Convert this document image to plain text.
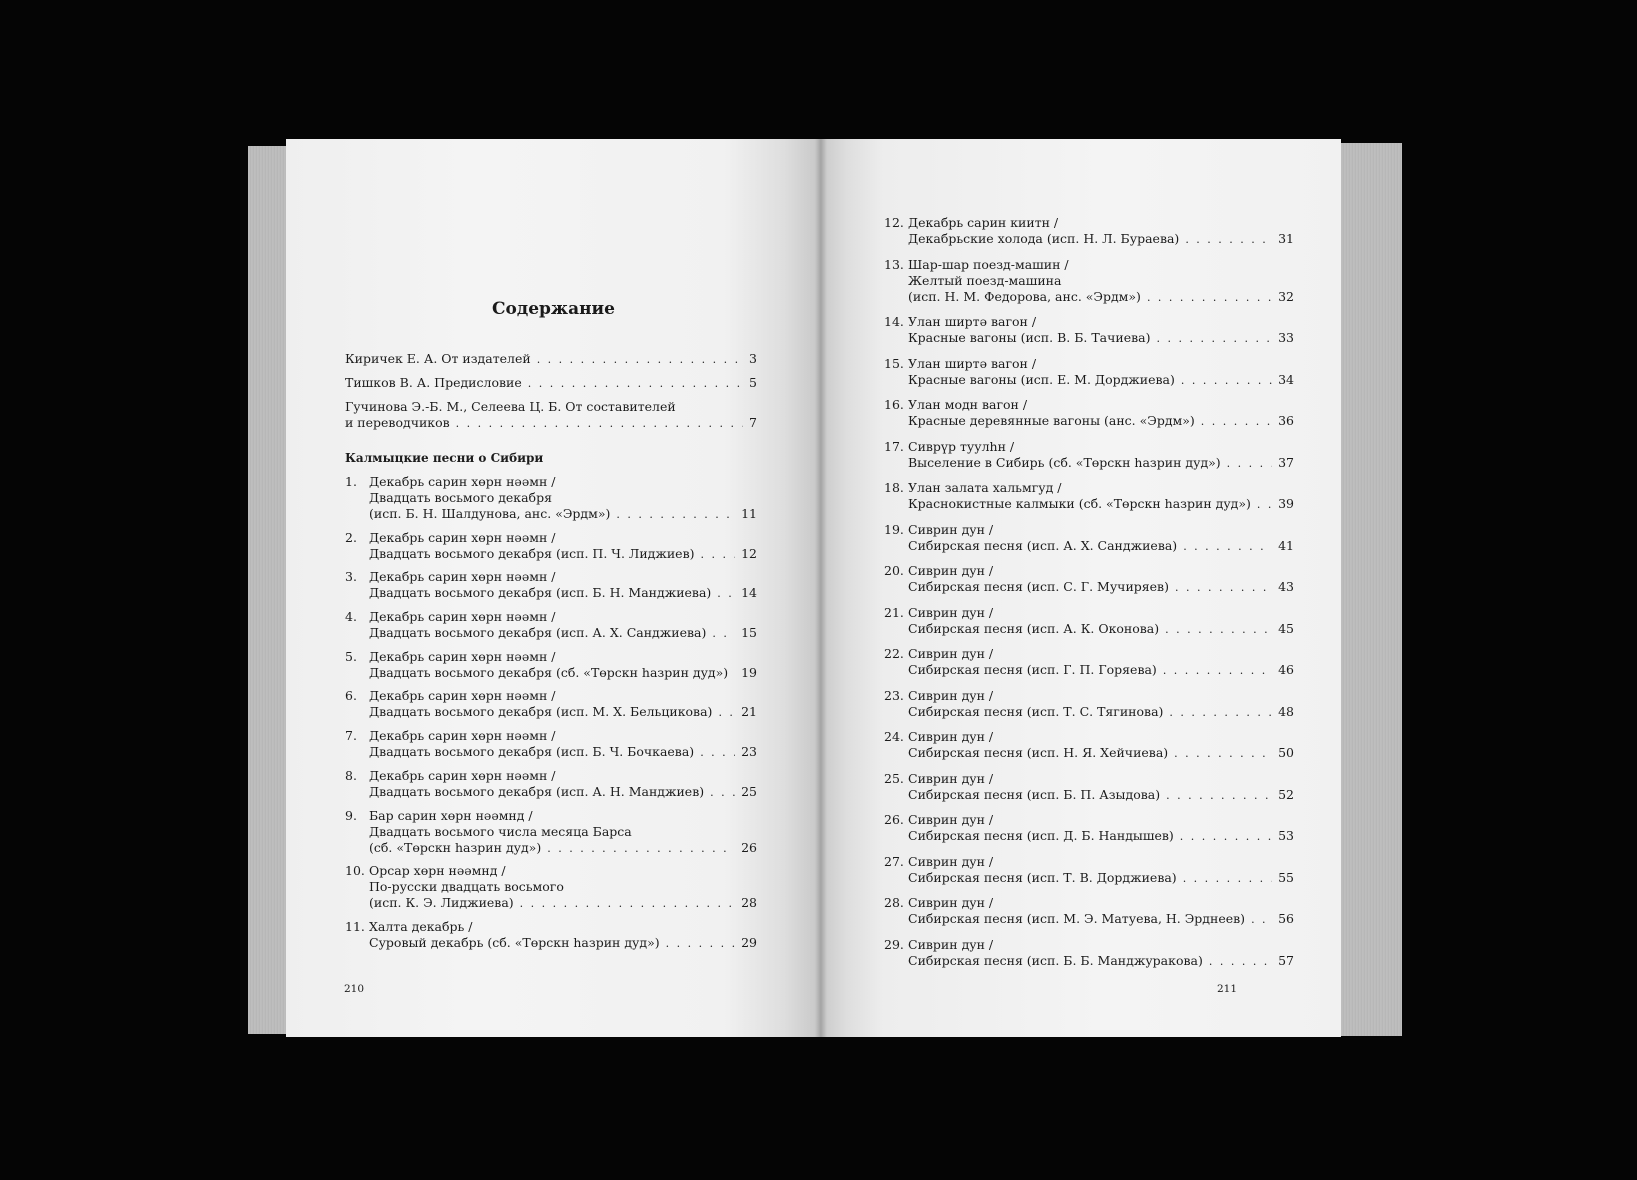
Содержание
Киричек Е. А. От издателей . . .	3
Тишков В. А. Предисловие . . .	5
Гучинова Э.-Б. М., Селеева Ц. Б. От составителей
и переводчиков . . .	7
Калмыцкие песни о Сибири
1. Декабрь сарин хөрн нәәмн /
Двадцать восьмого декабря
(исп. Б. Н. Шалдунова, анс. «Эрдм») . . .	11
2. Декабрь сарин хөрн нәәмн /
Двадцать восьмого декабря (исп. П. Ч. Лиджиев) . . .	12
3. Декабрь сарин хөрн нәәмн /
Двадцать восьмого декабря (исп. Б. Н. Манджиева) . . . 14
4. Декабрь сарин хөрн нәәмн /
Двадцать восьмого декабря (исп. А. Х. Санджиева) . . .	15
5. Декабрь сарин хөрн нәәмн /
Двадцать восьмого декабря (сб. «Төрскн һазрин дуд») . . . 19
6. Декабрь сарин хөрн нәәмн /
Двадцать восьмого декабря (исп. М. Х. Бельцикова) . . . 21
7. Декабрь сарин хөрн нәәмн /
Двадцать восьмого декабря (исп. Б. Ч. Бочкаева) . . .	23
8. Декабрь сарин хөрн нәәмн /
Двадцать восьмого декабря (исп. А. Н. Манджиев) . . .	25
9. Бар сарин хөрн нәәмнд /
Двадцать восьмого числа месяца Барса
(сб. «Төрскн һазрин дуд») . . .	26
10. Орсар хөрн нәәмнд /
По-русски двадцать восьмого
(исп. К. Э. Лиджиева) . . .	28
11. Халта декабрь /
Суровый декабрь (сб. «Төрскн һазрин дуд») . . .	29
210
12. Декабрь сарин киитн /
Декабрьские холода (исп. Н. Л. Бураева) . . .	31
13. Шар-шар поезд-машин /
Желтый поезд-машина
(исп. Н. М. Федорова, анс. «Эрдм») . . .	32
14. Улан ширтә вагон /
Красные вагоны (исп. В. Б. Тачиева) . . .	33
15. Улан ширтә вагон /
Красные вагоны (исп. Е. М. Дорджиева) . . .	34
16. Улан модн вагон /
Красные деревянные вагоны (анс. «Эрдм») . . .	36
17. Сиврүр туулһн /
Выселение в Сибирь (сб. «Төрскн һазрин дуд») . . .	37
18. Улан залата хальмгуд /
Краснокистные калмыки (сб. «Төрскн һазрин дуд») . . . 39
19. Сиврин дун /
Сибирская песня (исп. А. Х. Санджиева) . . .	41
20. Сиврин дун /
Сибирская песня (исп. С. Г. Мучиряев) . . .	43
21. Сиврин дун /
Сибирская песня (исп. А. К. Оконова) . . .	45
22. Сиврин дун /
Сибирская песня (исп. Г. П. Горяева) . . .	46
23. Сиврин дун /
Сибирская песня (исп. Т. С. Тягинова) . . .	48
24. Сиврин дун /
Сибирская песня (исп. Н. Я. Хейчиева) . . .	50
25. Сиврин дун /
Сибирская песня (исп. Б. П. Азыдова) . . .	52
26. Сиврин дун /
Сибирская песня (исп. Д. Б. Нандышев) . . .	53
27. Сиврин дун /
Сибирская песня (исп. Т. В. Дорджиева) . . .	55
28. Сиврин дун /
Сибирская песня (исп. М. Э. Матуева, Н. Эрднеев) . . .	56
29. Сиврин дун /
Сибирская песня (исп. Б. Б. Манджуракова) . . .	57
211
